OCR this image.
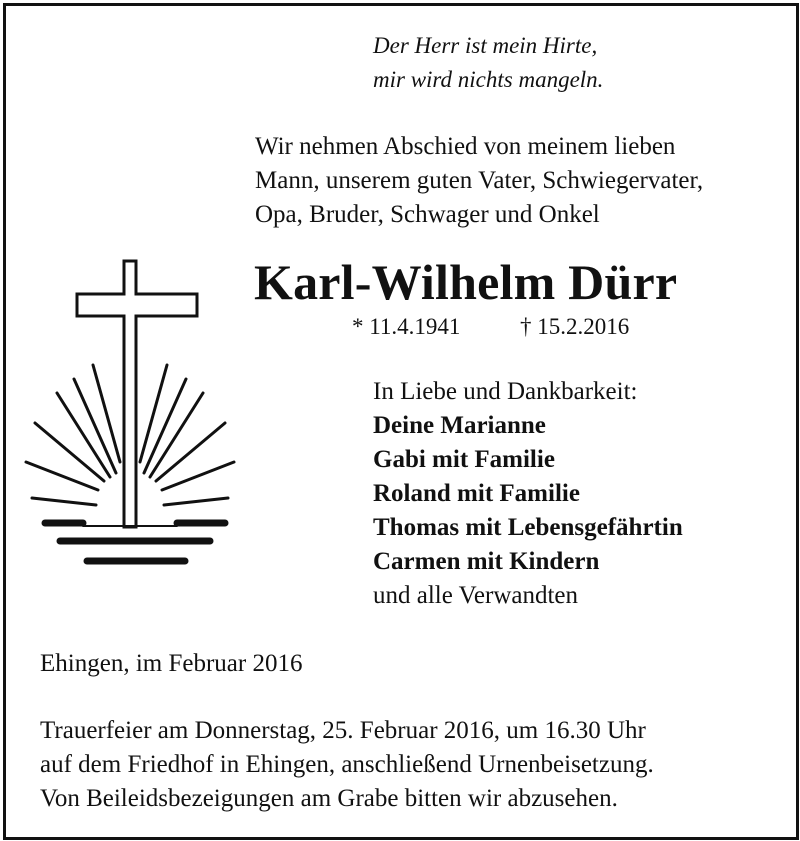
Der Herr ist mein Hirte,
mir wird nichts mangeln.
Wir nehmen Abschied von meinem lieben
Mann, unserem guten Vater, Schwiegervater,
Opa, Bruder, Schwager und Onkel
Karl-Wilhelm Dürr
* 11.4.1941	† 15.2.2016
In Liebe und Dankbarkeit:
Deine Marianne
Gabi mit Familie
Roland mit Familie
Thomas mit Lebensgefährtin
Carmen mit Kindern
und alle Verwandten
Ehingen, im Februar 2016
Trauerfeier am Donnerstag, 25. Februar 2016, um 16.30 Uhr
auf dem Friedhof in Ehingen, anschließend Urnenbeisetzung.
Von Beileidsbezeigungen am Grabe bitten wir abzusehen.
